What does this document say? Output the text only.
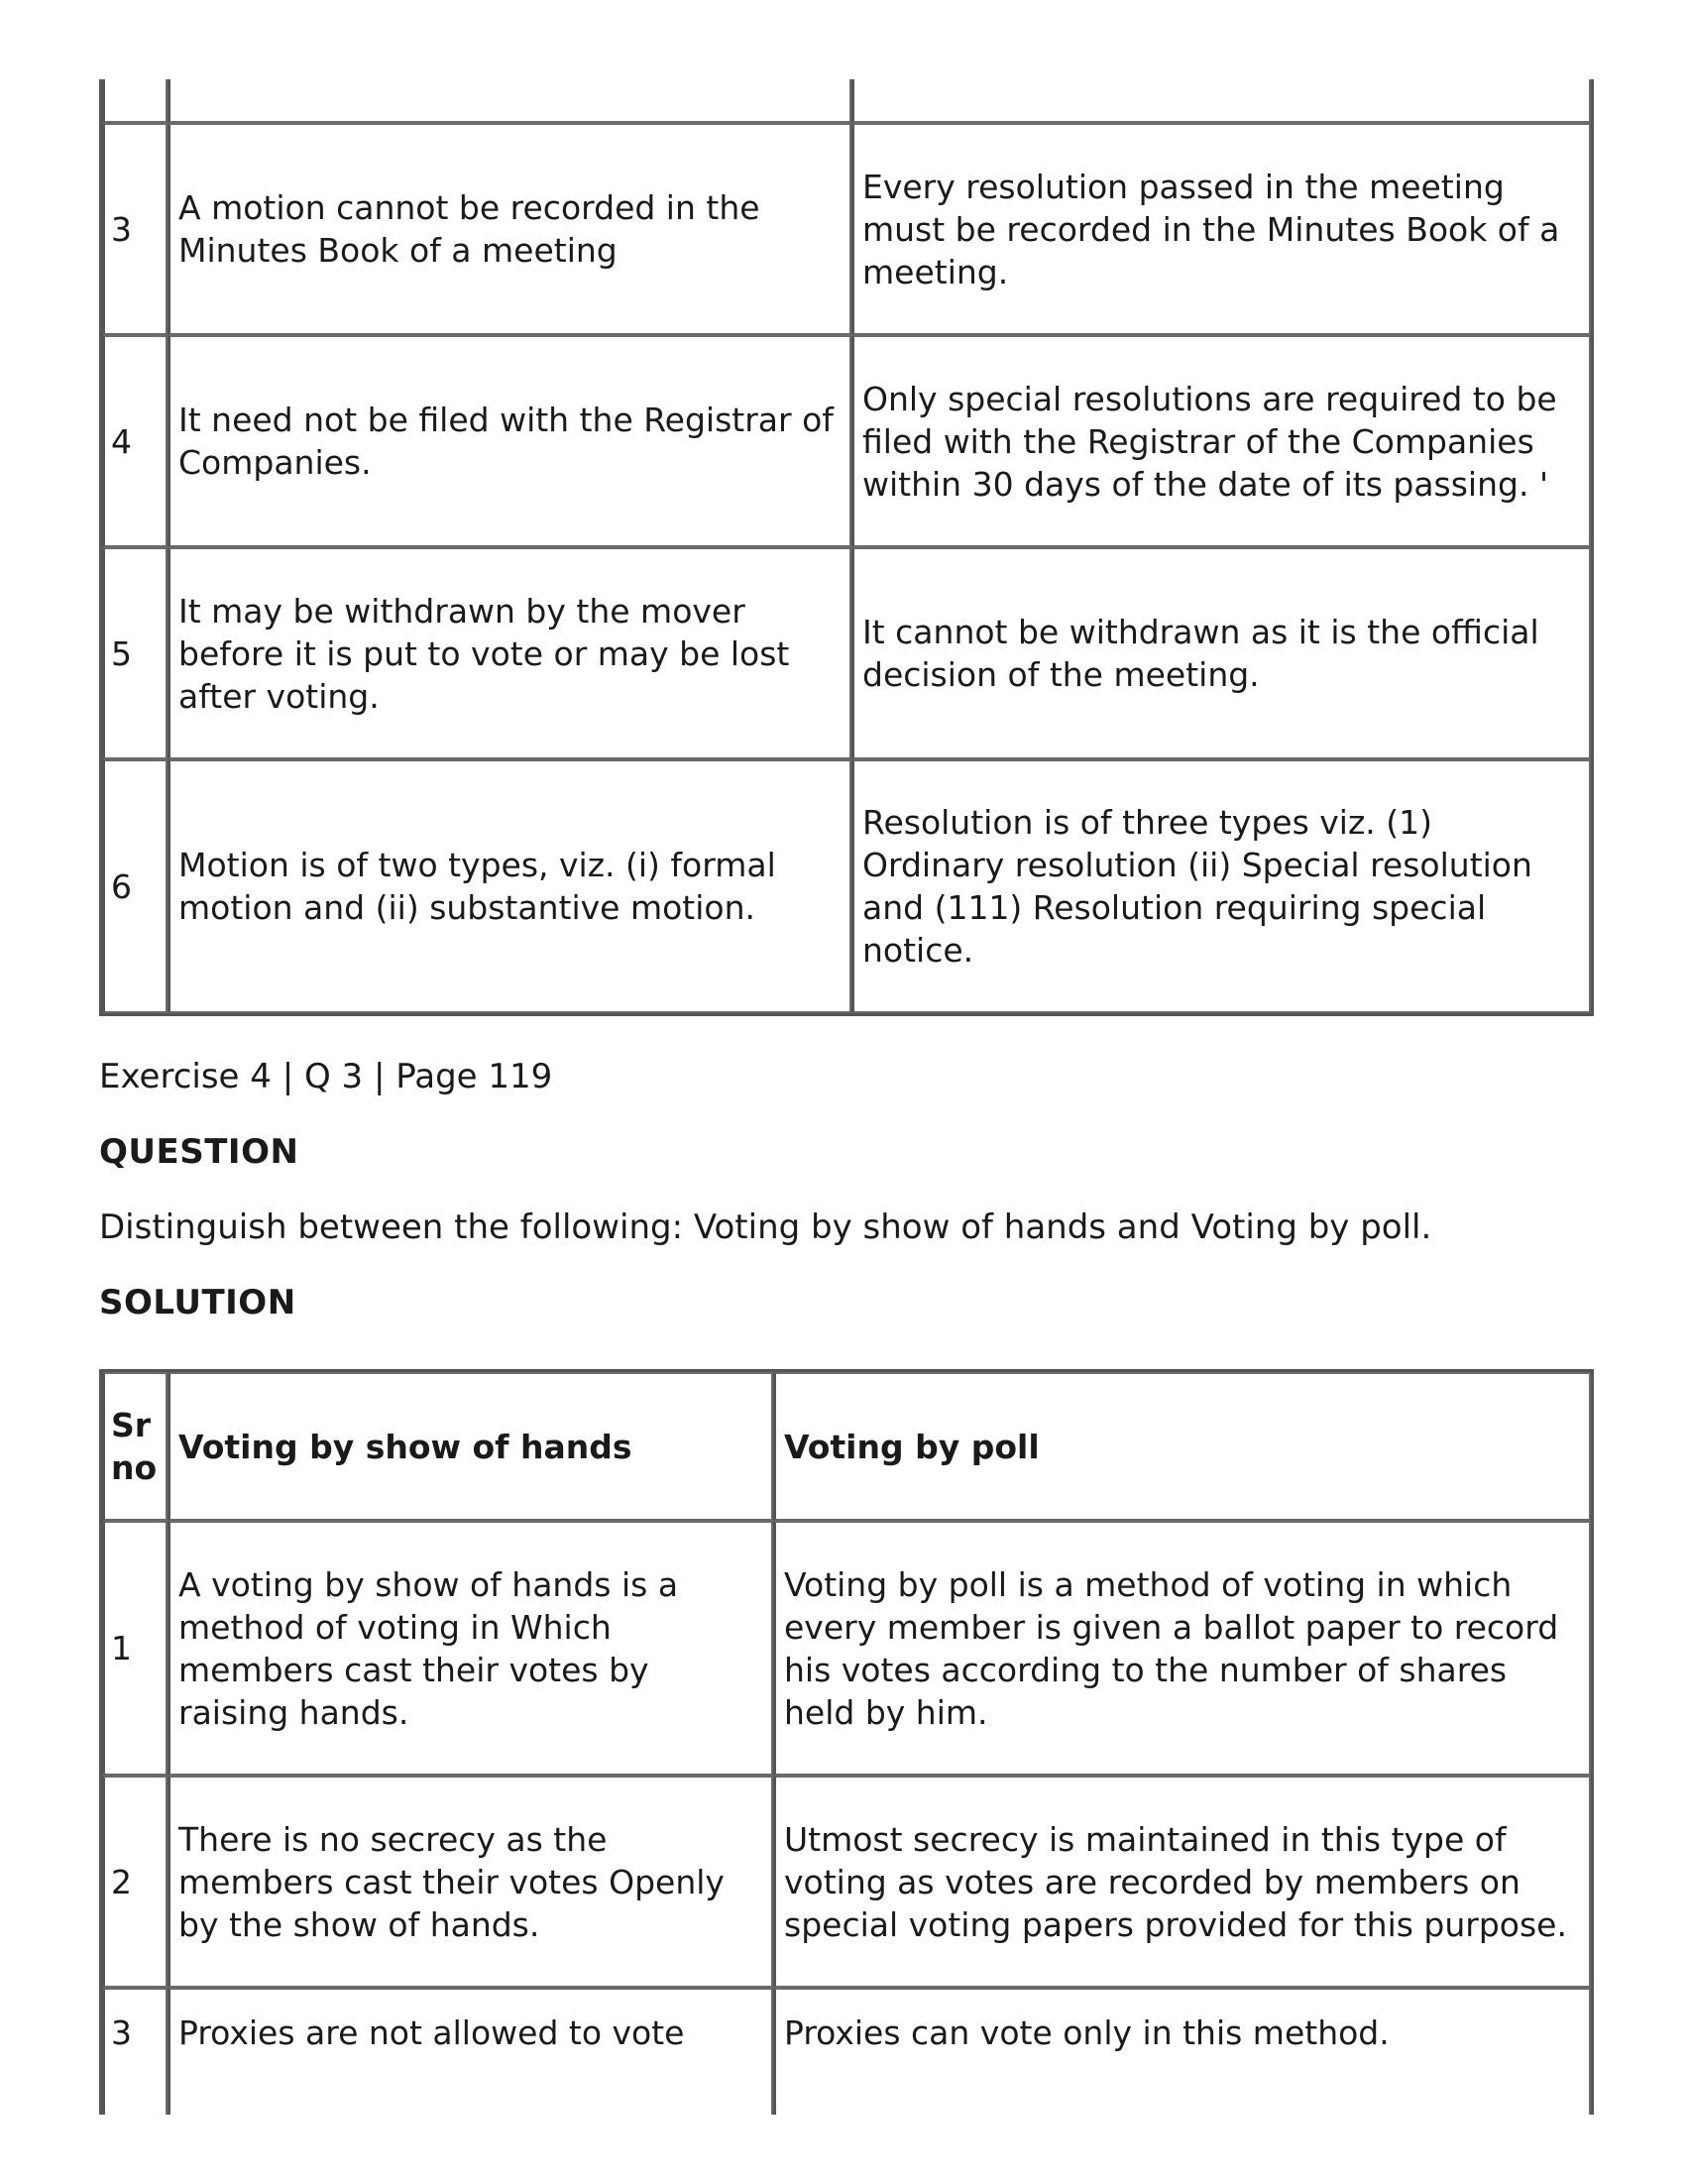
3	A motion cannot be recorded in the Minutes Book of a meeting	Every resolution passed in the meeting must be recorded in the Minutes Book of a meeting.
4	It need not be filed with the Registrar of Companies.	Only special resolutions are required to be filed with the Registrar of the Companies within 30 days of the date of its passing. '
5	It may be withdrawn by the mover before it is put to vote or may be lost after voting.	It cannot be withdrawn as it is the official decision of the meeting.
6	Motion is of two types, viz. (i) formal motion and (ii) substantive motion.	Resolution is of three types viz. (1) Ordinary resolution (ii) Special resolution and (111) Resolution requiring special notice.
Exercise 4 | Q 3 | Page 119
QUESTION
Distinguish between the following: Voting by show of hands and Voting by poll.
SOLUTION
Sr no	Voting by show of hands	Voting by poll
1	A voting by show of hands is a method of voting in Which members cast their votes by raising hands.	Voting by poll is a method of voting in which every member is given a ballot paper to record his votes according to the number of shares held by him.
2	There is no secrecy as the members cast their votes Openly by the show of hands.	Utmost secrecy is maintained in this type of voting as votes are recorded by members on special voting papers provided for this purpose.
3	Proxies are not allowed to vote	Proxies can vote only in this method.
